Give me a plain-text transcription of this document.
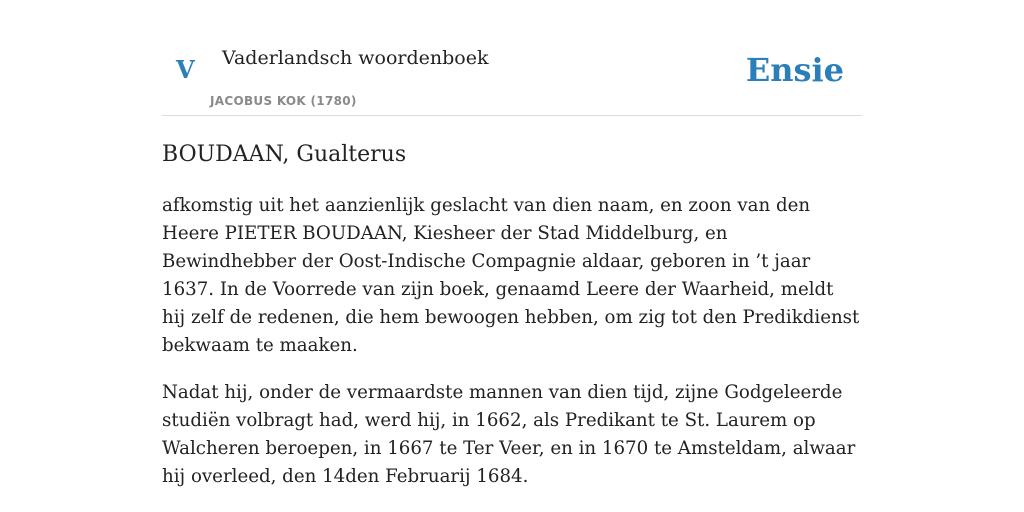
V Vaderlandsch woordenboek
JACOBUS KOK (1780)
Ensie
BOUDAAN, Gualterus

afkomstig uit het aanzienlijk geslacht van dien naam, en zoon van den Heere PIETER BOUDAAN, Kiesheer der Stad Middelburg, en Bewindhebber der Oost-Indische Compagnie aldaar, geboren in ’t jaar 1637. In de Voorrede van zijn boek, genaamd Leere der Waarheid, meldt hij zelf de redenen, die hem bewoogen hebben, om zig tot den Predikdienst bekwaam te maaken.

Nadat hij, onder de vermaardste mannen van dien tijd, zijne Godgeleerde studiën volbragt had, werd hij, in 1662, als Predikant te St. Laurem op Walcheren beroepen, in 1667 te Ter Veer, en in 1670 te Amsteldam, alwaar hij overleed, den 14den Februarij 1684.
